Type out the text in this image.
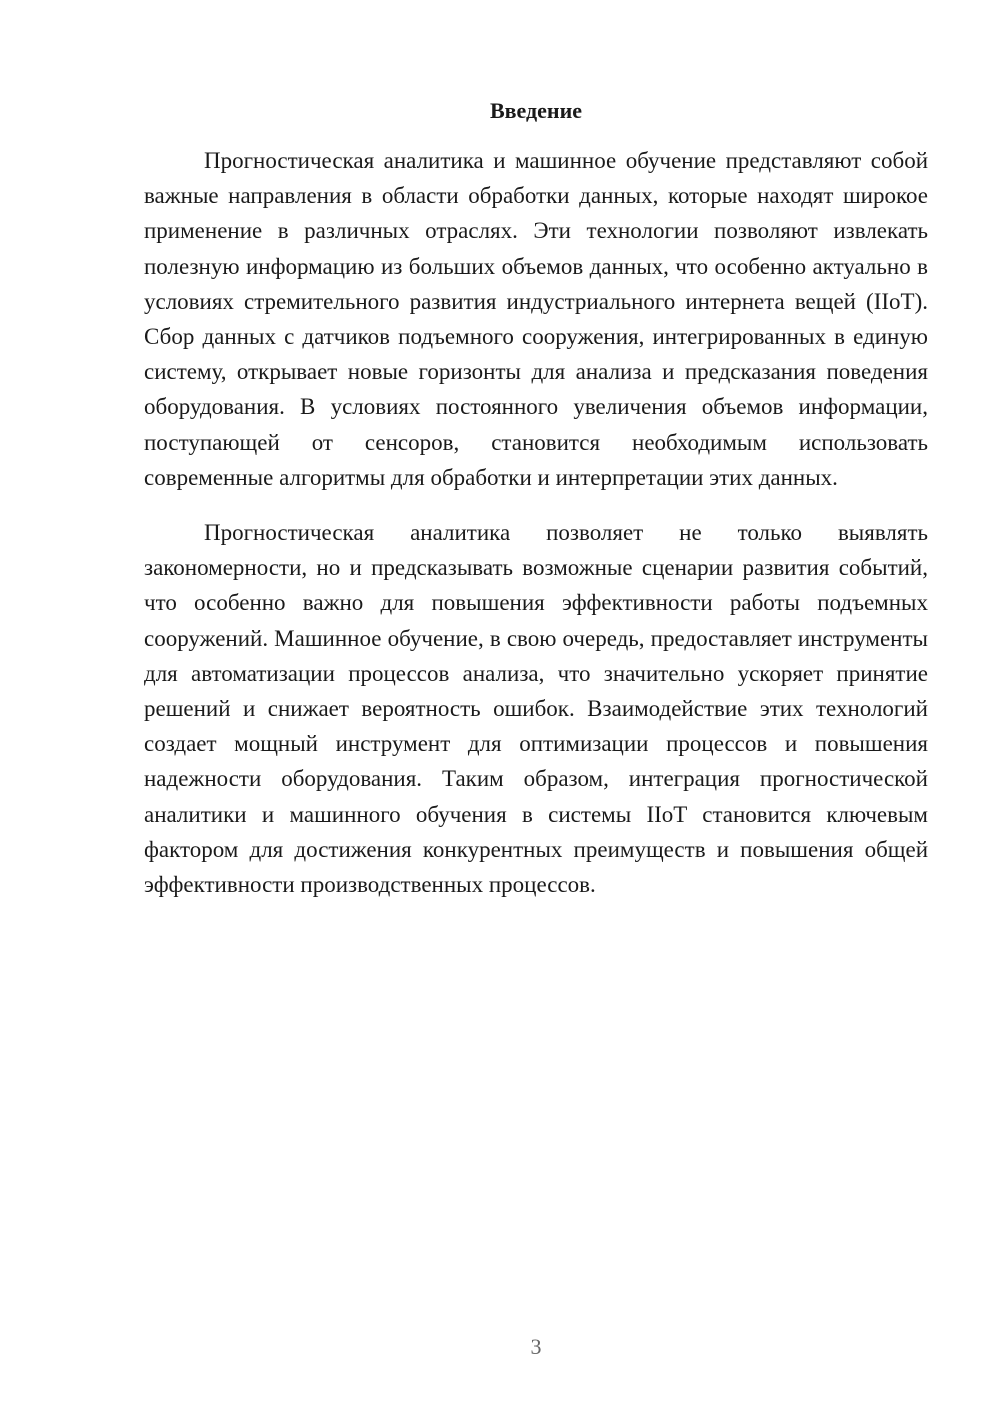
Введение

Прогностическая аналитика и машинное обучение представляют собой важные направления в области обработки данных, которые находят широкое применение в различных отраслях. Эти технологии позволяют извлекать полезную информацию из больших объемов данных, что особенно актуально в условиях стремительного развития индустриального интернета вещей (IIoT). Сбор данных с датчиков подъемного сооружения, интегрированных в единую систему, открывает новые горизонты для анализа и предсказания поведения оборудования. В условиях постоянного увеличения объемов информации, поступающей от сенсоров, становится необходимым использовать современные алгоритмы для обработки и интерпретации этих данных.

Прогностическая аналитика позволяет не только выявлять закономерности, но и предсказывать возможные сценарии развития событий, что особенно важно для повышения эффективности работы подъемных сооружений. Машинное обучение, в свою очередь, предоставляет инструменты для автоматизации процессов анализа, что значительно ускоряет принятие решений и снижает вероятность ошибок. Взаимодействие этих технологий создает мощный инструмент для оптимизации процессов и повышения надежности оборудования. Таким образом, интеграция прогностической аналитики и машинного обучения в системы IIoT становится ключевым фактором для достижения конкурентных преимуществ и повышения общей эффективности производственных процессов.

3
